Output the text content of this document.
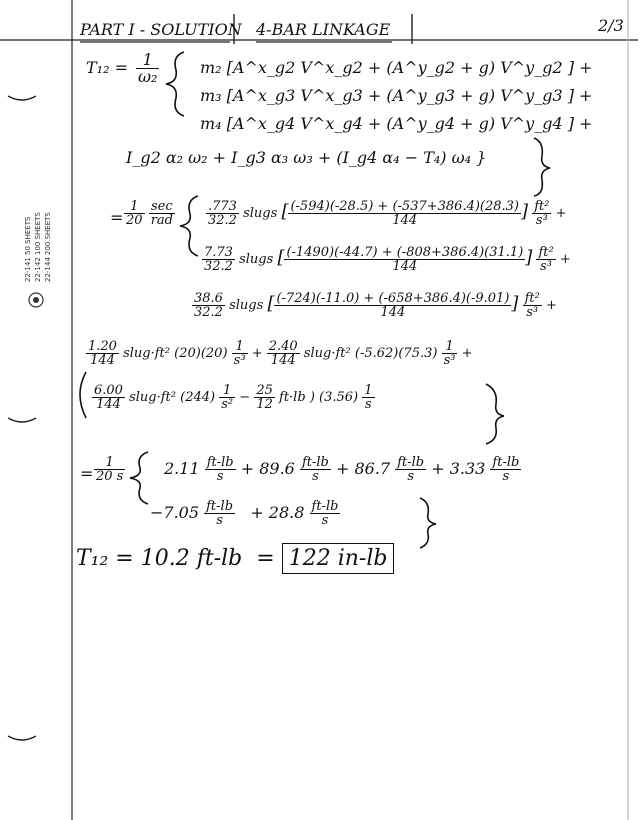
22-141 50 SHEETS 22-142 100 SHEETS 22-144 200 SHEETS
PART I - SOLUTION 4-BAR LINKAGE	2/3
$T_{12} = \frac{1}{\text{ω₂}}$	m₂ [A^x_g2 V^x_g2 + (A^y_g2 + g) V^y_g2 ] +
m₃ [A^x_g3 V^x_g3 + (A^y_g3 + g) V^y_g3 ] +
m₄ [A^x_g4 V^x_g4 + (A^y_g4 + g) V^y_g4 ] +
I_g2 α₂ ω₂ + I_g3 α₃ ω₃ + (I_g4 α₄ − T₄) ω₄ }
= $\frac{1}{20}$
$\frac{\sec}{\text{rad}} \frac{.773}{32.2}$ slugs [ $\frac{(-594)(-28.5) + (-537+386.4)(28.3)}{144}$ ] $\frac{\text{ft²}}{\text{s³}}$ +
$\frac{7.73}{32.2}$ slugs [ $\frac{(-1490)(-44.7) + (-808+386.4)(31.1)}{144}$ ] $\frac{\text{ft²}}{\text{s³}}$ +
$\frac{38.6}{32.2}$ slugs [ $\frac{(-724)(-11.0) + (-658+386.4)(-9.01)}{144}$ ] $\frac{\text{ft²}}{\text{s³}}$ +
$\frac{1.20}{144}$ slug·ft² $(20)(20) \frac{1}{\text{s³}} + \frac{2.40}{144}$ slug·ft² $(-5.62)(75.3) \frac{1}{\text{s³}}$ +
$\frac{6.00}{144}$ slug·ft² $(244) \frac{1}{\text{s²}} - \frac{25}{12} ft\cdot lb$ ) $(3.56) \frac{1}{s}$
= $\frac{1}{20 s} 2.11 \frac{ft-lb}{s} + 89.6 \frac{ft-lb}{s} + 86.7 \frac{ft-lb}{s} + 3.33 \frac{ft-lb}{s}$
$-7.05 \frac{ft-lb}{s} + 28.8 \frac{ft-lb}{s}$
T₁₂ = 10.2 ft-lb = 122 in-lb
